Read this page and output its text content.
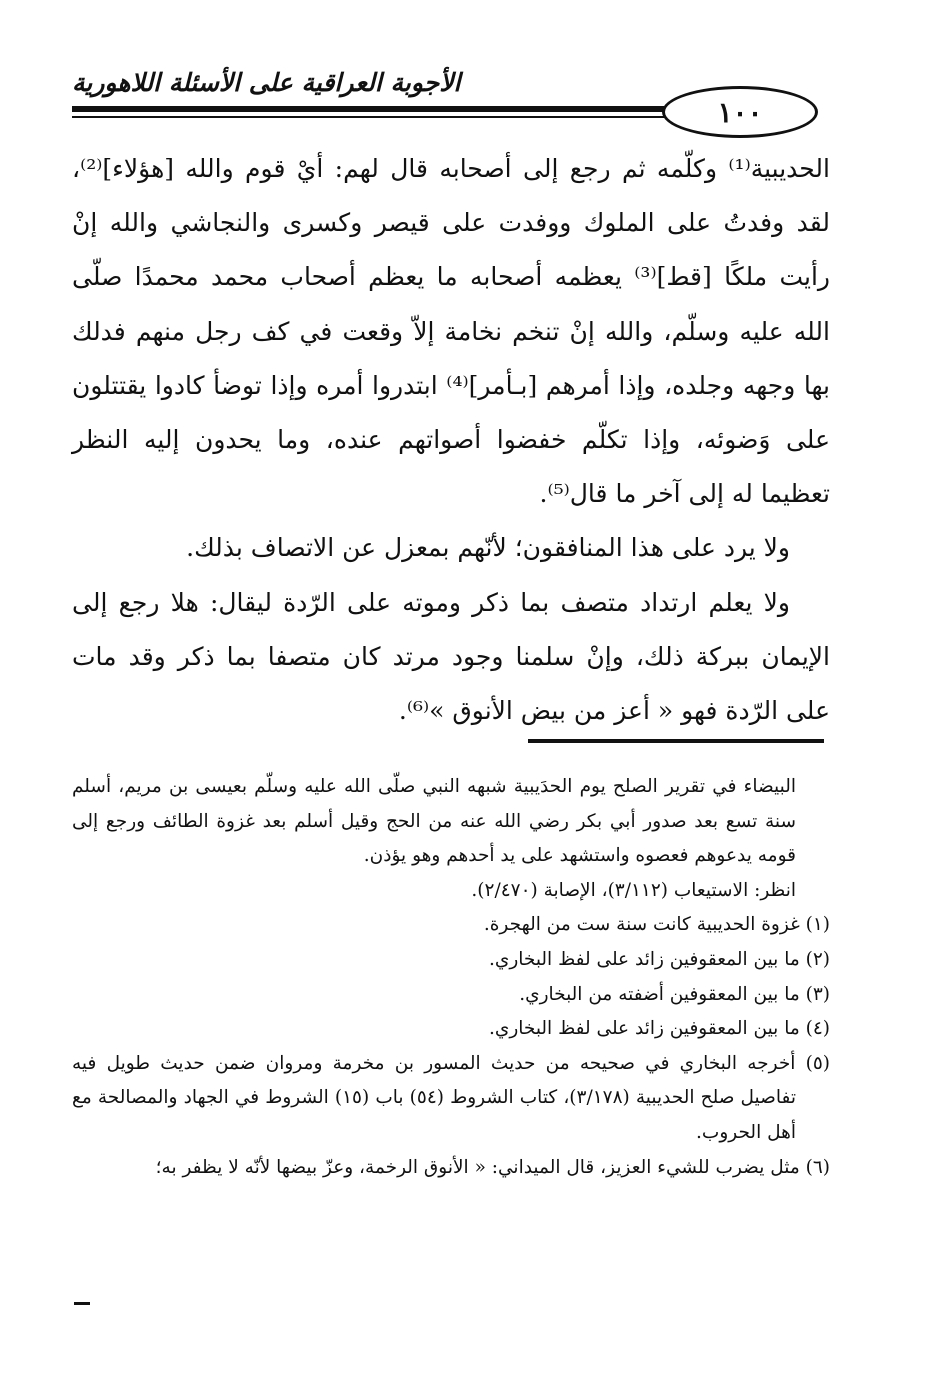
الأجوبة العراقية على الأسئلة اللاهورية
١٠٠

الحديبية⁽¹⁾ وكلّمه ثم رجع إلى أصحابه قال لهم: أيْ قوم والله [هؤلاء]⁽²⁾، لقد وفدتُ على الملوك ووفدت على قيصر وكسرى والنجاشي والله إنْ رأيت ملكًا [قط]⁽³⁾ يعظمه أصحابه ما يعظم أصحاب محمد محمدًا صلّى الله عليه وسلّم، والله إنْ تنخم نخامة إلاّ وقعت في كف رجل منهم فدلك بها وجهه وجلده، وإذا أمرهم [بـأمر]⁽⁴⁾ ابتدروا أمره وإذا توضأ كادوا يقتتلون على وَضوئه، وإذا تكلّم خفضوا أصواتهم عنده، وما يحدون إليه النظر تعظيما له إلى آخر ما قال⁽⁵⁾.

ولا يرد على هذا المنافقون؛ لأنّهم بمعزل عن الاتصاف بذلك.

ولا يعلم ارتداد متصف بما ذكر وموته على الرّدة ليقال: هلا رجع إلى الإيمان ببركة ذلك، وإنْ سلمنا وجود مرتد كان متصفا بما ذكر وقد مات على الرّدة فهو « أعز من بيض الأنوق »⁽⁶⁾.

البيضاء في تقرير الصلح يوم الحدَيبية شبهه النبي صلّى الله عليه وسلّم بعيسى بن مريم، أسلم سنة تسع بعد صدور أبي بكر رضي الله عنه من الحج وقيل أسلم بعد غزوة الطائف ورجع إلى قومه يدعوهم فعصوه واستشهد على يد أحدهم وهو يؤذن.

انظر: الاستيعاب (٣/١١٢)، الإصابة (٢/٤٧٠).

(١) غزوة الحديبية كانت سنة ست من الهجرة.

(٢) ما بين المعقوفين زائد على لفظ البخاري.

(٣) ما بين المعقوفين أضفته من البخاري.

(٤) ما بين المعقوفين زائد على لفظ البخاري.

(٥) أخرجه البخاري في صحيحه من حديث المسور بن مخرمة ومروان ضمن حديث طويل فيه تفاصيل صلح الحديبية (٣/١٧٨)، كتاب الشروط (٥٤) باب (١٥) الشروط في الجهاد والمصالحة مع أهل الحروب.

(٦) مثل يضرب للشيء العزيز، قال الميداني: « الأنوق الرخمة، وعزّ بيضها لأنّه لا يظفر به؛
